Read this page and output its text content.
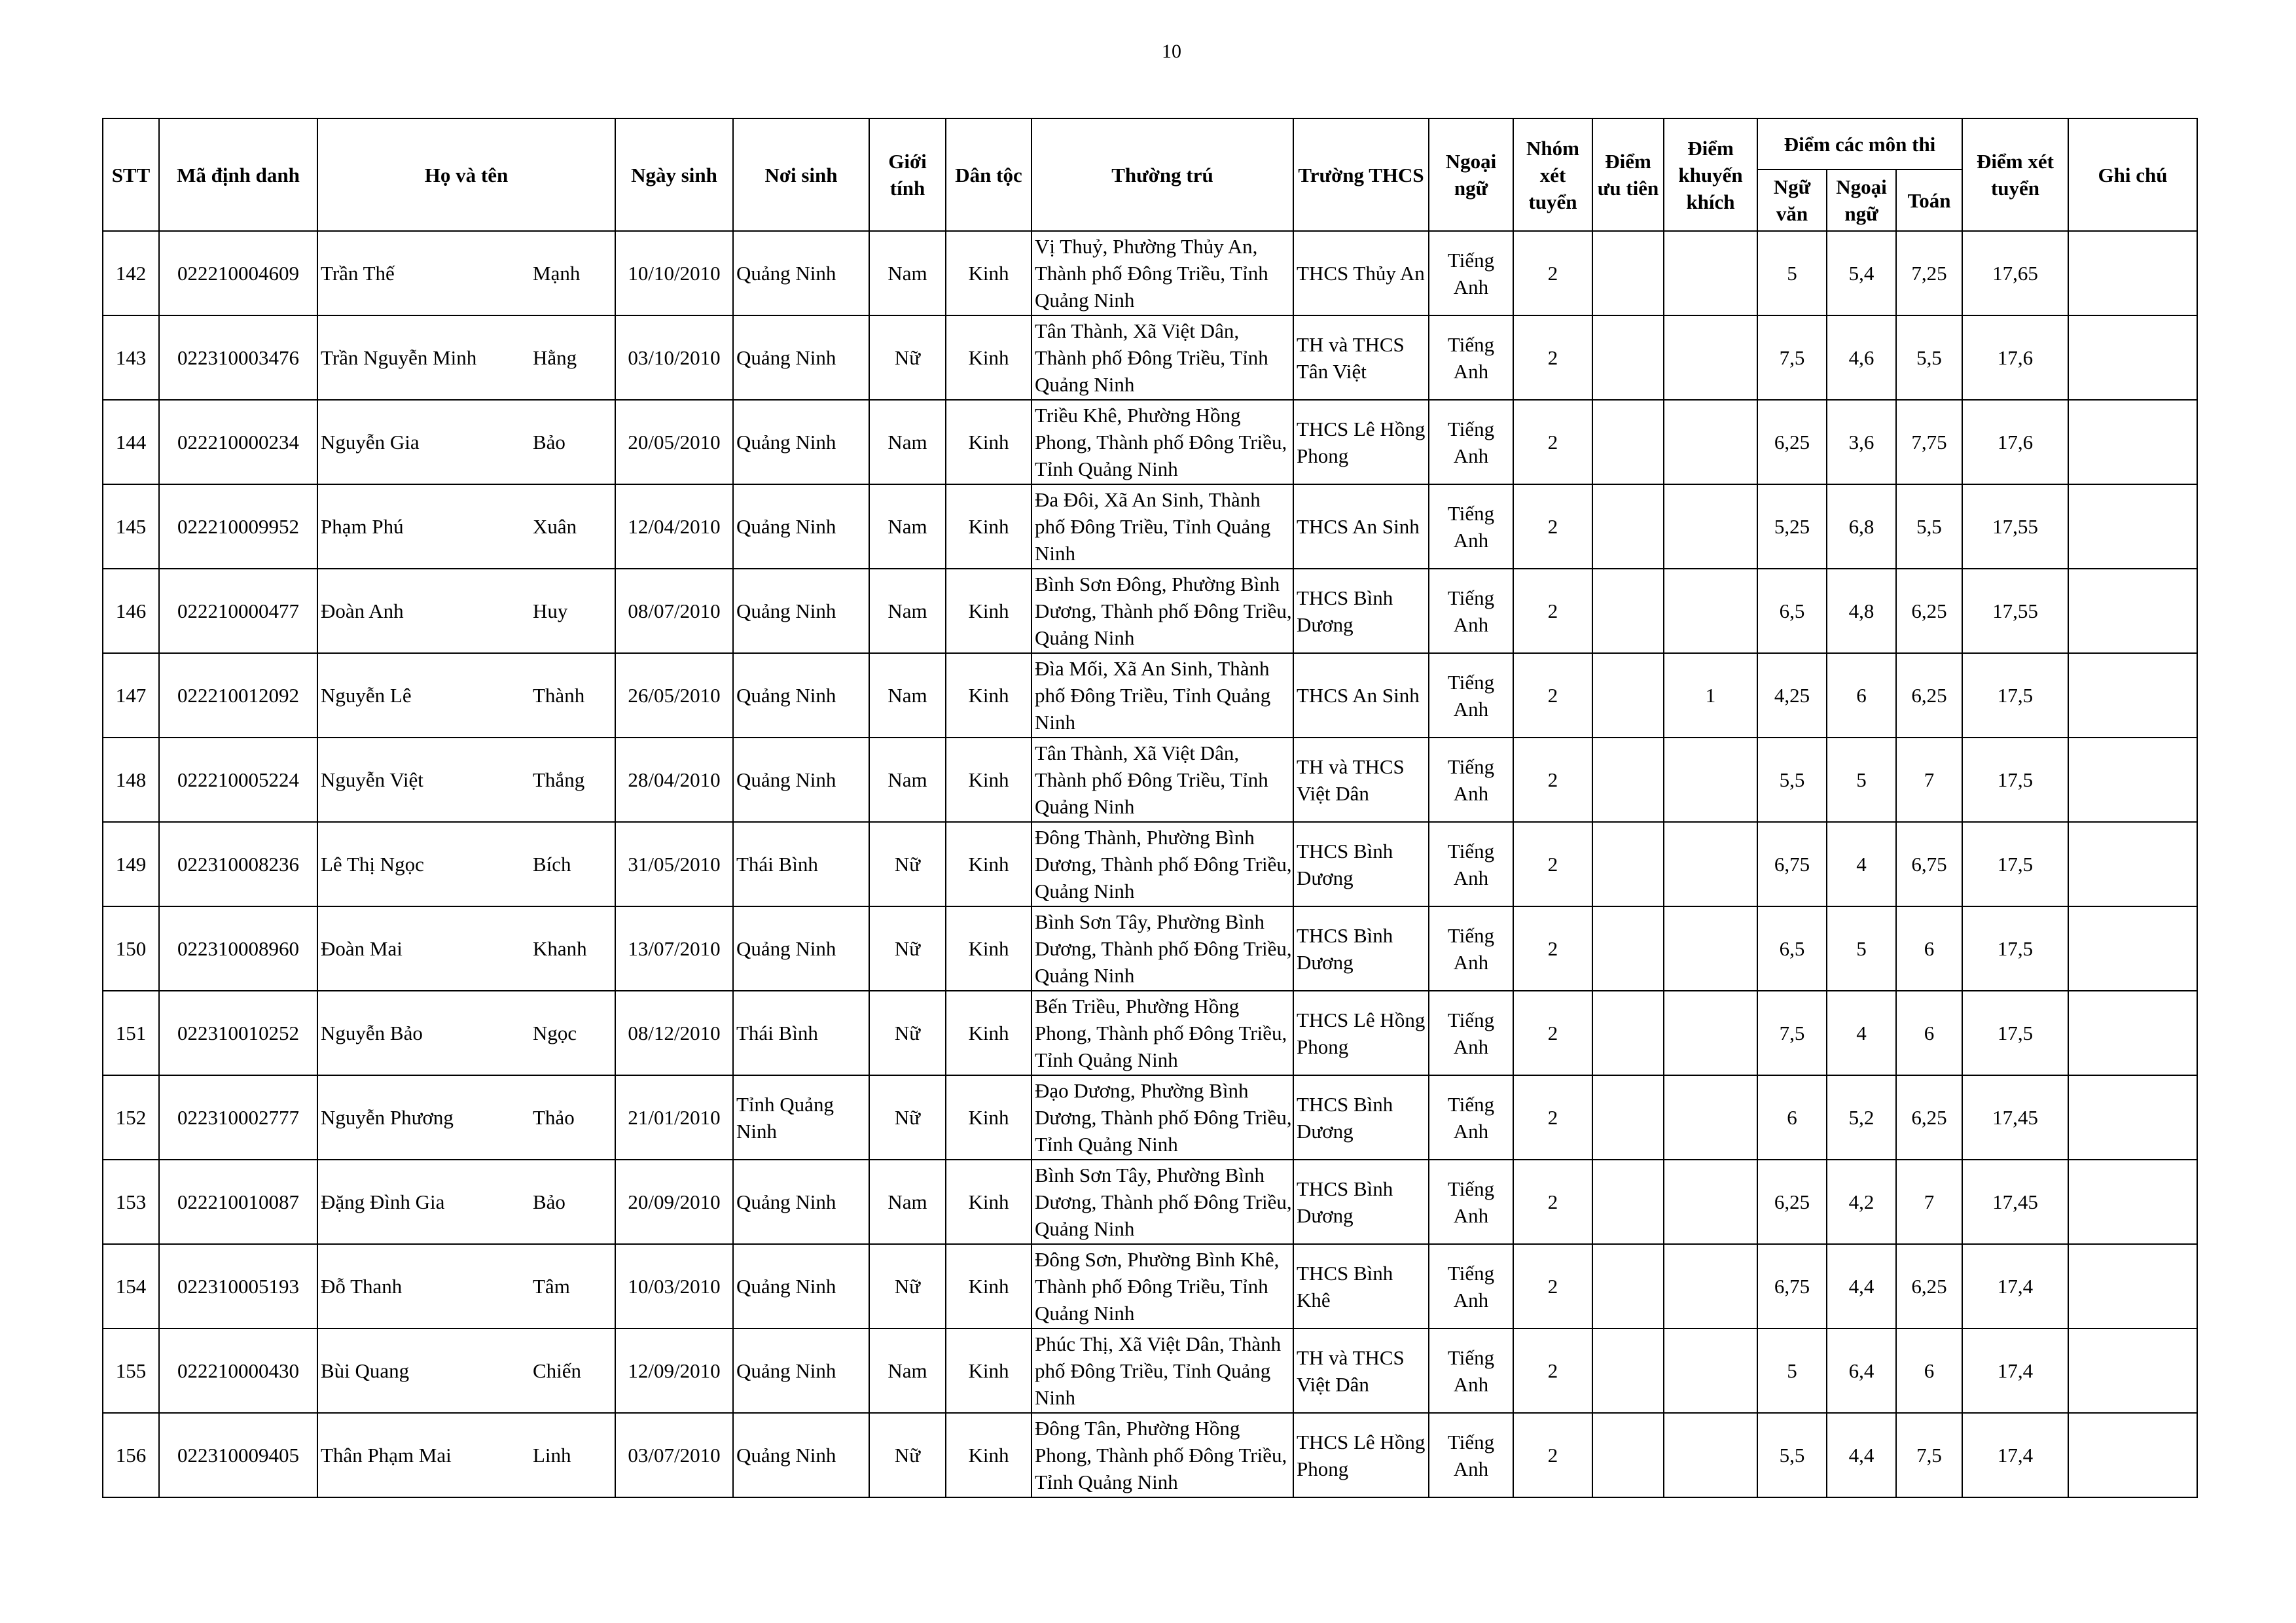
10
STT	Mã định danh	Họ và tên	Ngày sinh	Nơi sinh	Giới tính	Dân tộc	Thường trú	Trường THCS	Ngoại ngữ	Nhóm xét tuyển	Điểm ưu tiên	Điểm khuyến khích	Điểm các môn thi			Điểm xét tuyển	Ghi chú
													Ngữ văn	Ngoại ngữ	Toán		
142	022210004609	Trần Thế Mạnh	10/10/2010	Quảng Ninh	Nam	Kinh	Vị Thuỷ, Phường Thủy An, Thành phố Đông Triều, Tỉnh Quảng Ninh	THCS Thủy An	Tiếng Anh	2			5	5,4	7,25	17,65	
143	022310003476	Trần Nguyễn Minh Hằng	03/10/2010	Quảng Ninh	Nữ	Kinh	Tân Thành, Xã Việt Dân, Thành phố Đông Triều, Tỉnh Quảng Ninh	TH và THCS Tân Việt	Tiếng Anh	2			7,5	4,6	5,5	17,6	
144	022210000234	Nguyễn Gia Bảo	20/05/2010	Quảng Ninh	Nam	Kinh	Triều Khê, Phường Hồng Phong, Thành phố Đông Triều, Tỉnh Quảng Ninh	THCS Lê Hồng Phong	Tiếng Anh	2			6,25	3,6	7,75	17,6	
145	022210009952	Phạm Phú Xuân	12/04/2010	Quảng Ninh	Nam	Kinh	Đa Đôi, Xã An Sinh, Thành phố Đông Triều, Tỉnh Quảng Ninh	THCS An Sinh	Tiếng Anh	2			5,25	6,8	5,5	17,55	
146	022210000477	Đoàn Anh Huy	08/07/2010	Quảng Ninh	Nam	Kinh	Bình Sơn Đông, Phường Bình Dương, Thành phố Đông Triều, Quảng Ninh	THCS Bình Dương	Tiếng Anh	2			6,5	4,8	6,25	17,55	
147	022210012092	Nguyễn Lê Thành	26/05/2010	Quảng Ninh	Nam	Kinh	Đìa Mối, Xã An Sinh, Thành phố Đông Triều, Tỉnh Quảng Ninh	THCS An Sinh	Tiếng Anh	2		1	4,25	6	6,25	17,5	
148	022210005224	Nguyễn Việt Thắng	28/04/2010	Quảng Ninh	Nam	Kinh	Tân Thành, Xã Việt Dân, Thành phố Đông Triều, Tỉnh Quảng Ninh	TH và THCS Việt Dân	Tiếng Anh	2			5,5	5	7	17,5	
149	022310008236	Lê Thị Ngọc Bích	31/05/2010	Thái Bình	Nữ	Kinh	Đông Thành, Phường Bình Dương, Thành phố Đông Triều, Quảng Ninh	THCS Bình Dương	Tiếng Anh	2			6,75	4	6,75	17,5	
150	022310008960	Đoàn Mai Khanh	13/07/2010	Quảng Ninh	Nữ	Kinh	Bình Sơn Tây, Phường Bình Dương, Thành phố Đông Triều, Quảng Ninh	THCS Bình Dương	Tiếng Anh	2			6,5	5	6	17,5	
151	022310010252	Nguyễn Bảo Ngọc	08/12/2010	Thái Bình	Nữ	Kinh	Bến Triều, Phường Hồng Phong, Thành phố Đông Triều, Tỉnh Quảng Ninh	THCS Lê Hồng Phong	Tiếng Anh	2			7,5	4	6	17,5	
152	022310002777	Nguyễn Phương Thảo	21/01/2010	Tỉnh Quảng Ninh	Nữ	Kinh	Đạo Dương, Phường Bình Dương, Thành phố Đông Triều, Tỉnh Quảng Ninh	THCS Bình Dương	Tiếng Anh	2			6	5,2	6,25	17,45	
153	022210010087	Đặng Đình Gia Bảo	20/09/2010	Quảng Ninh	Nam	Kinh	Bình Sơn Tây, Phường Bình Dương, Thành phố Đông Triều, Quảng Ninh	THCS Bình Dương	Tiếng Anh	2			6,25	4,2	7	17,45	
154	022310005193	Đỗ Thanh Tâm	10/03/2010	Quảng Ninh	Nữ	Kinh	Đông Sơn, Phường Bình Khê, Thành phố Đông Triều, Tỉnh Quảng Ninh	THCS Bình Khê	Tiếng Anh	2			6,75	4,4	6,25	17,4	
155	022210000430	Bùi Quang Chiến	12/09/2010	Quảng Ninh	Nam	Kinh	Phúc Thị, Xã Việt Dân, Thành phố Đông Triều, Tỉnh Quảng Ninh	TH và THCS Việt Dân	Tiếng Anh	2			5	6,4	6	17,4	
156	022310009405	Thân Phạm Mai Linh	03/07/2010	Quảng Ninh	Nữ	Kinh	Đông Tân, Phường Hồng Phong, Thành phố Đông Triều, Tỉnh Quảng Ninh	THCS Lê Hồng Phong	Tiếng Anh	2			5,5	4,4	7,5	17,4	
